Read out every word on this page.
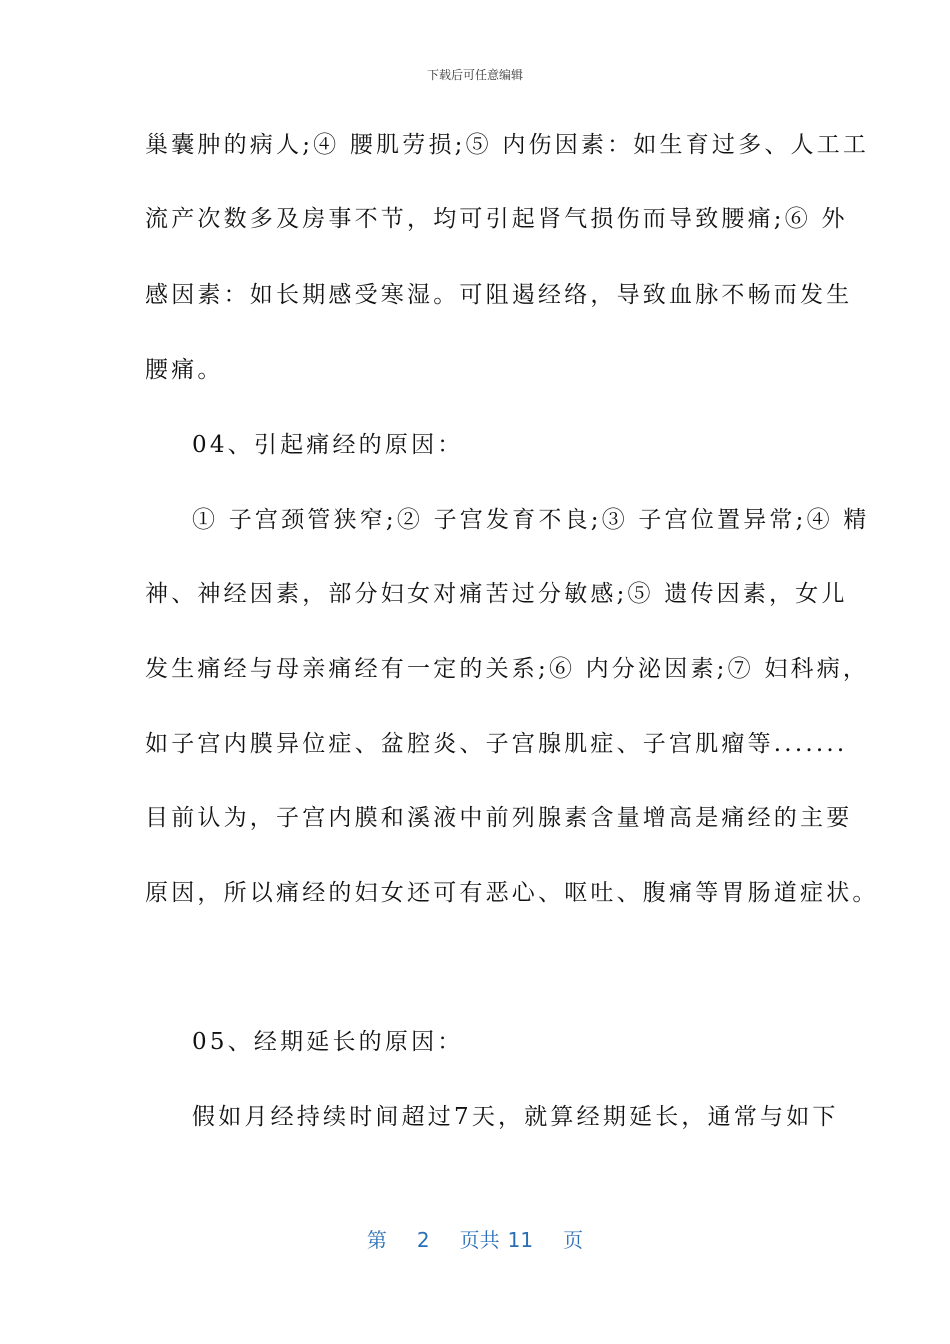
下载后可任意编辑
巢囊肿的病人;④ 腰肌劳损;⑤ 内伤因素：如生育过多、人工工
流产次数多及房事不节，均可引起肾气损伤而导致腰痛;⑥ 外
感因素：如长期感受寒湿。可阻遏经络，导致血脉不畅而发生
腰痛。
04、引起痛经的原因：
① 子宫颈管狭窄;② 子宫发育不良;③ 子宫位置异常;④ 精
神、神经因素，部分妇女对痛苦过分敏感;⑤ 遗传因素，女儿
发生痛经与母亲痛经有一定的关系;⑥ 内分泌因素;⑦ 妇科病，
如子宫内膜异位症、盆腔炎、子宫腺肌症、子宫肌瘤等.......
目前认为，子宫内膜和溪液中前列腺素含量增高是痛经的主要
原因，所以痛经的妇女还可有恶心、呕吐、腹痛等胃肠道症状。
05、经期延长的原因：
假如月经持续时间超过7天，就算经期延长，通常与如下
第 2 页共 11 页
